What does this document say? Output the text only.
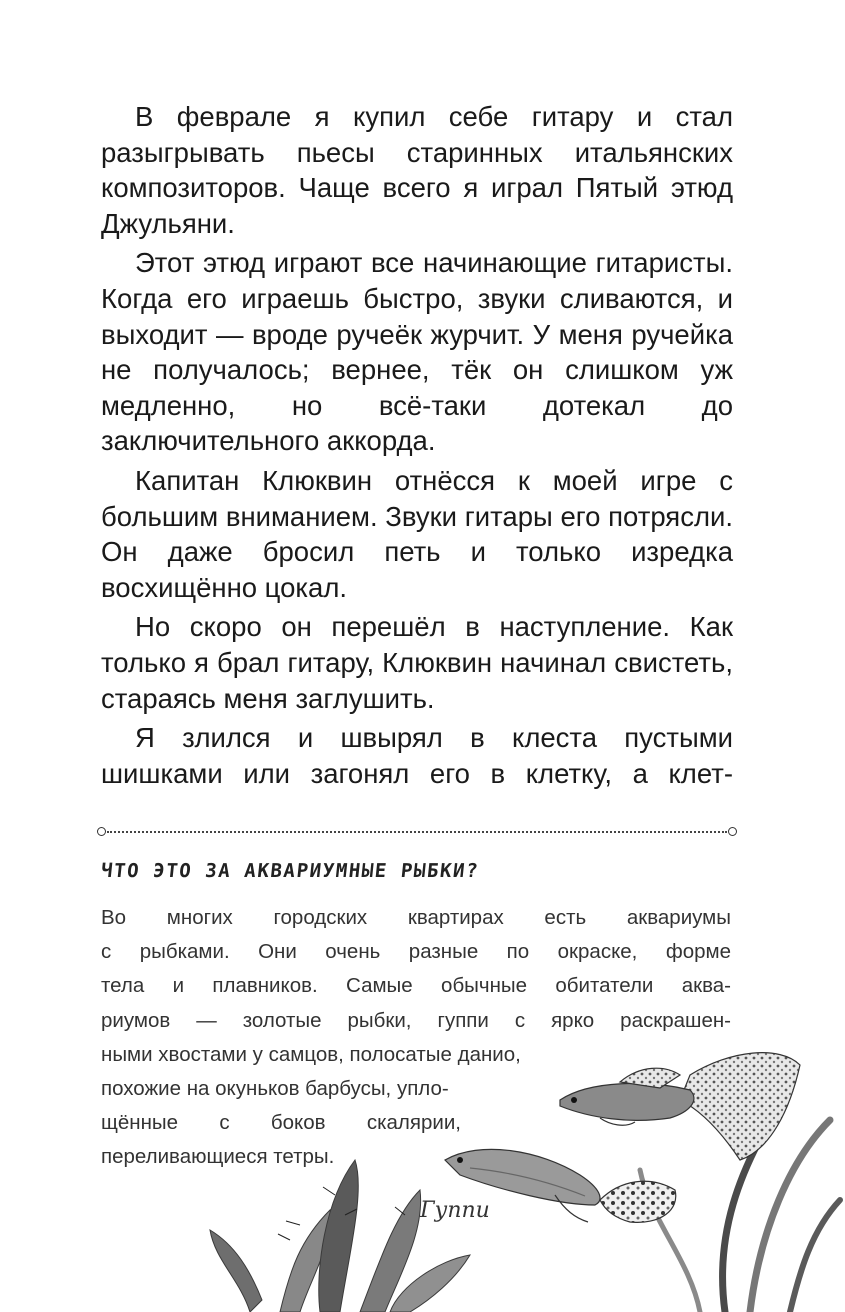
В феврале я купил себе гитару и стал разыгрывать пьесы старинных итальянских композиторов. Чаще всего я играл Пятый этюд Джульяни.

Этот этюд играют все начинающие гитаристы. Когда его играешь быстро, звуки сливаются, и выходит — вроде ручеёк журчит. У меня ручейка не получалось; вернее, тёк он слишком уж медленно, но всё-таки дотекал до заключительного аккорда.

Капитан Клюквин отнёсся к моей игре с большим вниманием. Звуки гитары его потрясли. Он даже бросил петь и только изредка восхищённо цокал.

Но скоро он перешёл в наступление. Как только я брал гитару, Клюквин начинал свистеть, стараясь меня заглушить.

Я злился и швырял в клеста пустыми шишками или загонял его в клетку, а клет-

ЧТО ЭТО ЗА АКВАРИУМНЫЕ РЫБКИ?
Во многих городских квартирах есть аквариумы
с рыбками. Они очень разные по окраске, форме
тела и плавников. Самые обычные обитатели аква-
риумов — золотые рыбки, гуппи с ярко раскрашен-
ными хвостами у самцов, полосатые данио,
похожие на окуньков барбусы, упло-
щённые с боков скалярии,
переливающиеся тетры.
Гуппи
